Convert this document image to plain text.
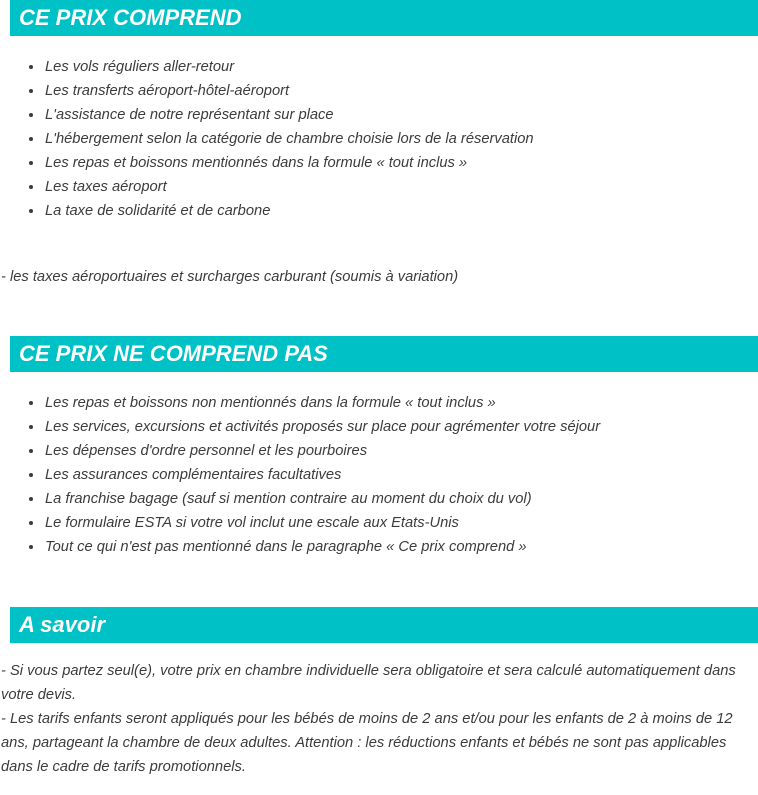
CE PRIX COMPREND
• Les vols réguliers aller-retour
• Les transferts aéroport-hôtel-aéroport
• L'assistance de notre représentant sur place
• L'hébergement selon la catégorie de chambre choisie lors de la réservation
• Les repas et boissons mentionnés dans la formule « tout inclus »
• Les taxes aéroport
• La taxe de solidarité et de carbone

- les taxes aéroportuaires et surcharges carburant (soumis à variation)

CE PRIX NE COMPREND PAS
• Les repas et boissons non mentionnés dans la formule « tout inclus »
• Les services, excursions et activités proposés sur place pour agrémenter votre séjour
• Les dépenses d'ordre personnel et les pourboires
• Les assurances complémentaires facultatives
• La franchise bagage (sauf si mention contraire au moment du choix du vol)
• Le formulaire ESTA si votre vol inclut une escale aux Etats-Unis
• Tout ce qui n'est pas mentionné dans le paragraphe « Ce prix comprend »
A savoir

- Si vous partez seul(e), votre prix en chambre individuelle sera obligatoire et sera calculé automatiquement dans votre devis.

- Les tarifs enfants seront appliqués pour les bébés de moins de 2 ans et/ou pour les enfants de 2 à moins de 12 ans, partageant la chambre de deux adultes. Attention : les réductions enfants et bébés ne sont pas applicables dans le cadre de tarifs promotionnels.
